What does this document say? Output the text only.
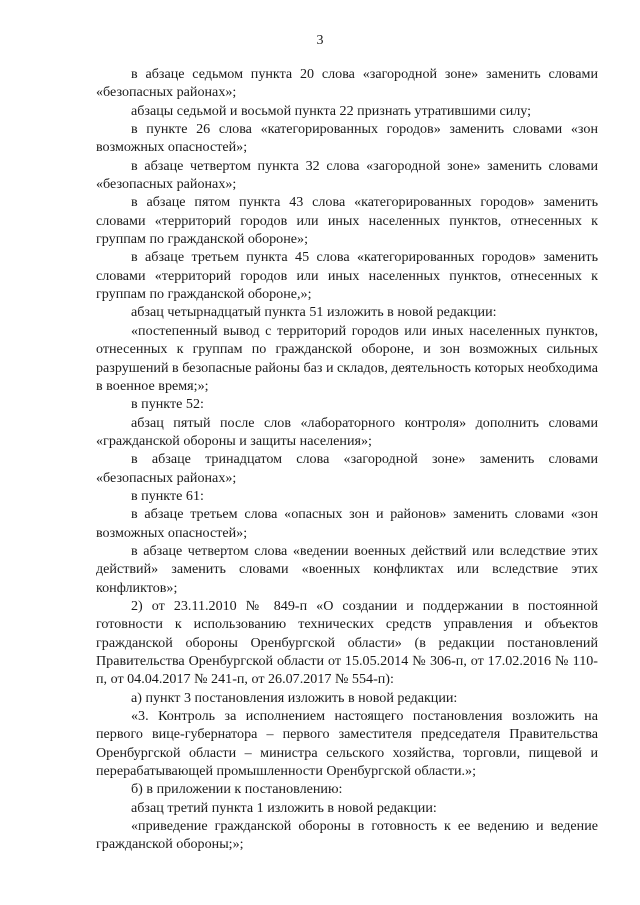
3

в абзаце седьмом пункта 20 слова «загородной зоне» заменить словами «безопасных районах»;

абзацы седьмой и восьмой пункта 22 признать утратившими силу;

в пункте 26 слова «категорированных городов» заменить словами «зон возможных опасностей»;

в абзаце четвертом пункта 32 слова «загородной зоне» заменить словами «безопасных районах»;

в абзаце пятом пункта 43 слова «категорированных городов» заменить словами «территорий городов или иных населенных пунктов, отнесенных к группам по гражданской обороне»;

в абзаце третьем пункта 45 слова «категорированных городов» заменить словами «территорий городов или иных населенных пунктов, отнесенных к группам по гражданской обороне,»;

абзац четырнадцатый пункта 51 изложить в новой редакции:

«постепенный вывод с территорий городов или иных населенных пунктов, отнесенных к группам по гражданской обороне, и зон возможных сильных разрушений в безопасные районы баз и складов, деятельность которых необходима в военное время;»;

в пункте 52:

абзац пятый после слов «лабораторного контроля» дополнить словами «гражданской обороны и защиты населения»;

в абзаце тринадцатом слова «загородной зоне» заменить словами «безопасных районах»;

в пункте 61:

в абзаце третьем слова «опасных зон и районов» заменить словами «зон возможных опасностей»;

в абзаце четвертом слова «ведении военных действий или вследствие этих действий» заменить словами «военных конфликтах или вследствие этих конфликтов»;

2) от 23.11.2010 № 849-п «О создании и поддержании в постоянной готовности к использованию технических средств управления и объектов гражданской обороны Оренбургской области» (в редакции постановлений Правительства Оренбургской области от 15.05.2014 № 306-п, от 17.02.2016 № 110-п, от 04.04.2017 № 241-п, от 26.07.2017 № 554-п):

а) пункт 3 постановления изложить в новой редакции:

«3. Контроль за исполнением настоящего постановления возложить на первого вице-губернатора – первого заместителя председателя Правительства Оренбургской области – министра сельского хозяйства, торговли, пищевой и перерабатывающей промышленности Оренбургской области.»;

б) в приложении к постановлению:

абзац третий пункта 1 изложить в новой редакции:

«приведение гражданской обороны в готовность к ее ведению и ведение гражданской обороны;»;
